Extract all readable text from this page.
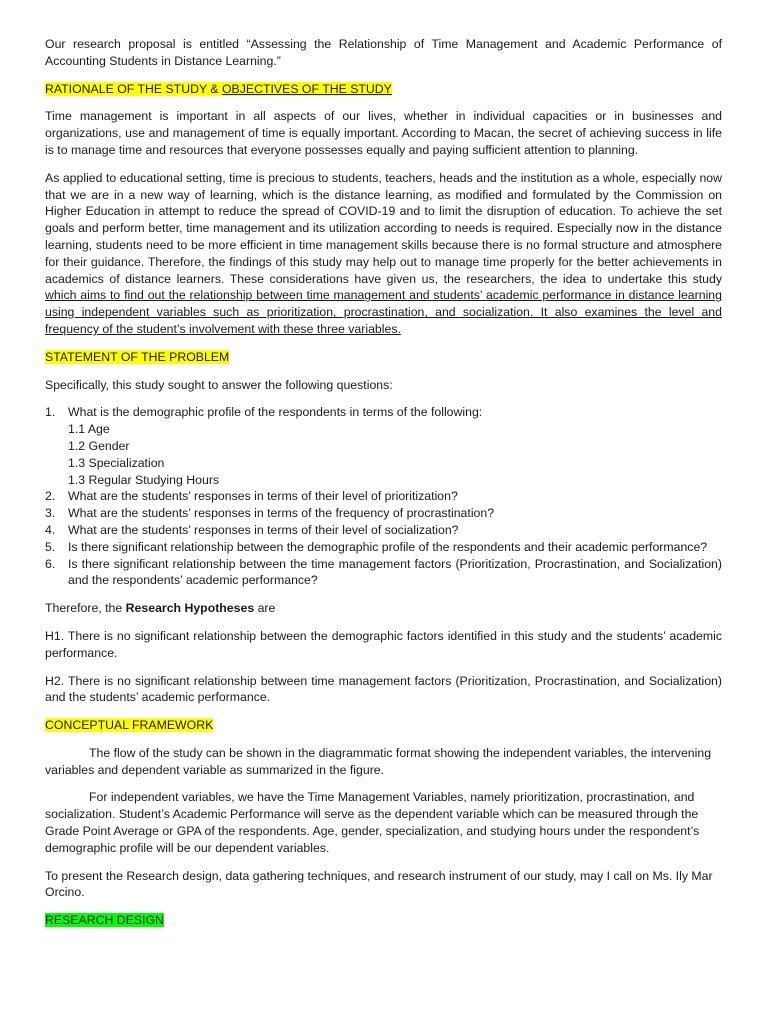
Our research proposal is entitled “Assessing the Relationship of Time Management and Academic Performance of Accounting Students in Distance Learning.”

RATIONALE OF THE STUDY & OBJECTIVES OF THE STUDY

Time management is important in all aspects of our lives, whether in individual capacities or in businesses and organizations, use and management of time is equally important. According to Macan, the secret of achieving success in life is to manage time and resources that everyone possesses equally and paying sufficient attention to planning.

As applied to educational setting, time is precious to students, teachers, heads and the institution as a whole, especially now that we are in a new way of learning, which is the distance learning, as modified and formulated by the Commission on Higher Education in attempt to reduce the spread of COVID-19 and to limit the disruption of education. To achieve the set goals and perform better, time management and its utilization according to needs is required. Especially now in the distance learning, students need to be more efficient in time management skills because there is no formal structure and atmosphere for their guidance. Therefore, the findings of this study may help out to manage time properly for the better achievements in academics of distance learners. These considerations have given us, the researchers, the idea to undertake this study which aims to find out the relationship between time management and students’ academic performance in distance learning using independent variables such as prioritization, procrastination, and socialization. It also examines the level and frequency of the student’s involvement with these three variables.

STATEMENT OF THE PROBLEM

Specifically, this study sought to answer the following questions:

1. What is the demographic profile of the respondents in terms of the following:
1.1 Age
1.2 Gender
1.3 Specialization
1.3 Regular Studying Hours
2. What are the students’ responses in terms of their level of prioritization?
3. What are the students’ responses in terms of the frequency of procrastination?
4. What are the students’ responses in terms of their level of socialization?
5. Is there significant relationship between the demographic profile of the respondents and their academic performance?
6. Is there significant relationship between the time management factors (Prioritization, Procrastination, and Socialization) and the respondents’ academic performance?

Therefore, the Research Hypotheses are

H1. There is no significant relationship between the demographic factors identified in this study and the students’ academic performance.

H2. There is no significant relationship between time management factors (Prioritization, Procrastination, and Socialization) and the students’ academic performance.

CONCEPTUAL FRAMEWORK

The flow of the study can be shown in the diagrammatic format showing the independent variables, the intervening variables and dependent variable as summarized in the figure.

For independent variables, we have the Time Management Variables, namely prioritization, procrastination, and socialization. Student’s Academic Performance will serve as the dependent variable which can be measured through the Grade Point Average or GPA of the respondents. Age, gender, specialization, and studying hours under the respondent’s demographic profile will be our dependent variables.

To present the Research design, data gathering techniques, and research instrument of our study, may I call on Ms. Ily Mar Orcino.

RESEARCH DESIGN
